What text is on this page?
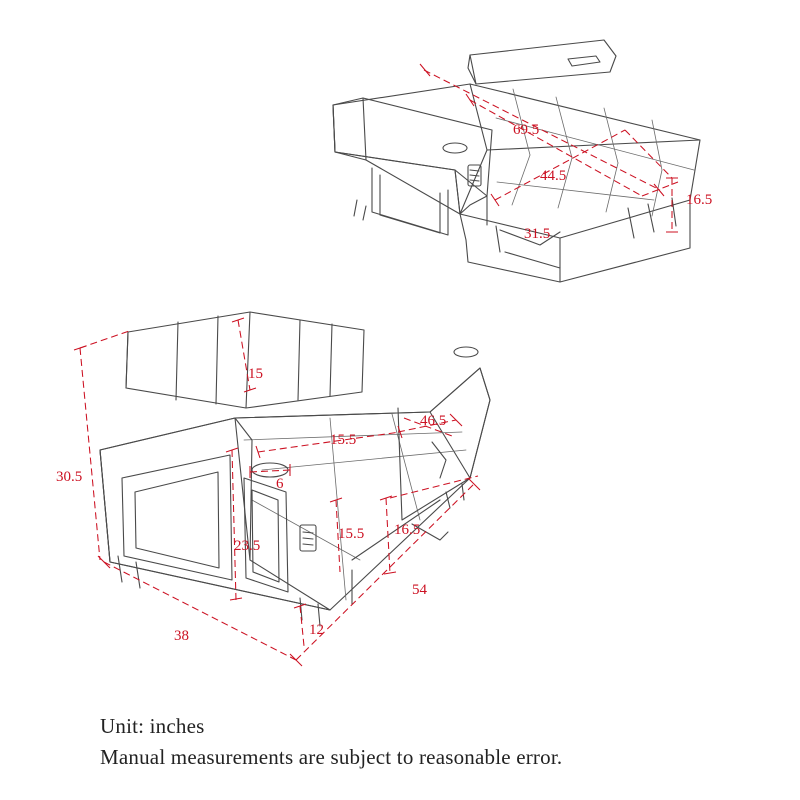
69.5
44.5
31.5
16.5
15
30.5
15.5
6
46.5
23.5
15.5 16.5
54
38	12
Unit: inches
Manual measurements are subject to reasonable error.
